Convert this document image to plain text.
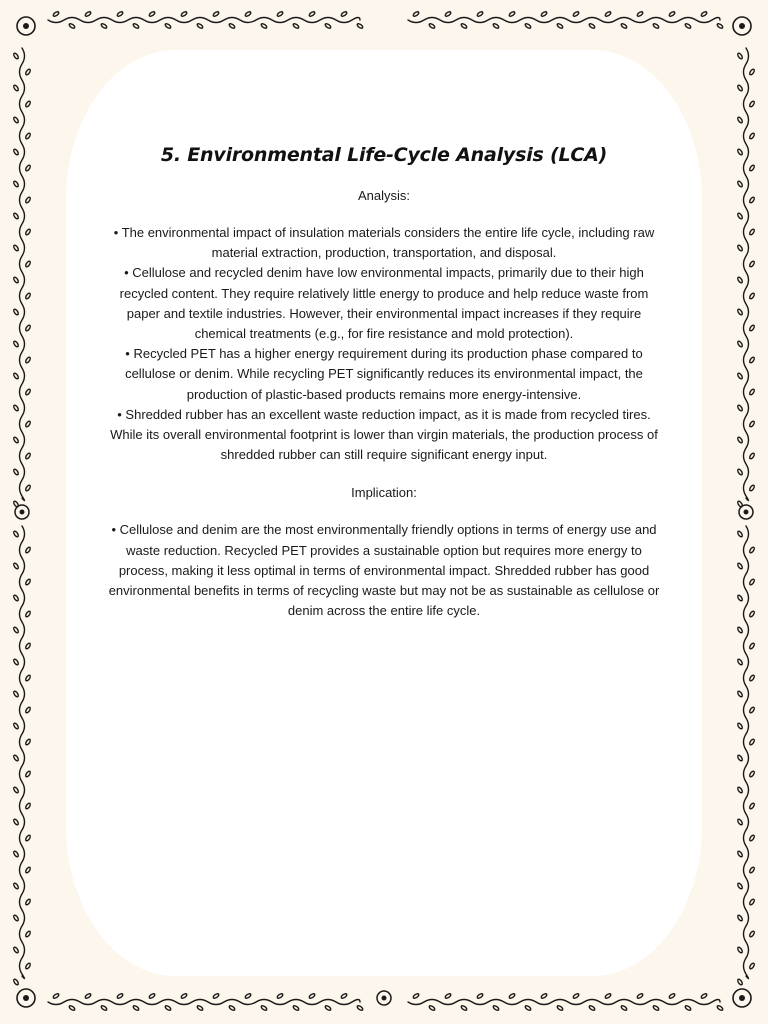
5. Environmental Life-Cycle Analysis (LCA)

Analysis:

• The environmental impact of insulation materials considers the entire life cycle, including raw material extraction, production, transportation, and disposal.

• Cellulose and recycled denim have low environmental impacts, primarily due to their high recycled content. They require relatively little energy to produce and help reduce waste from paper and textile industries. However, their environmental impact increases if they require chemical treatments (e.g., for fire resistance and mold protection).

• Recycled PET has a higher energy requirement during its production phase compared to cellulose or denim. While recycling PET significantly reduces its environmental impact, the production of plastic-based products remains more energy-intensive.

• Shredded rubber has an excellent waste reduction impact, as it is made from recycled tires. While its overall environmental footprint is lower than virgin materials, the production process of shredded rubber can still require significant energy input.

Implication:

• Cellulose and denim are the most environmentally friendly options in terms of energy use and waste reduction. Recycled PET provides a sustainable option but requires more energy to process, making it less optimal in terms of environmental impact. Shredded rubber has good environmental benefits in terms of recycling waste but may not be as sustainable as cellulose or denim across the entire life cycle.
